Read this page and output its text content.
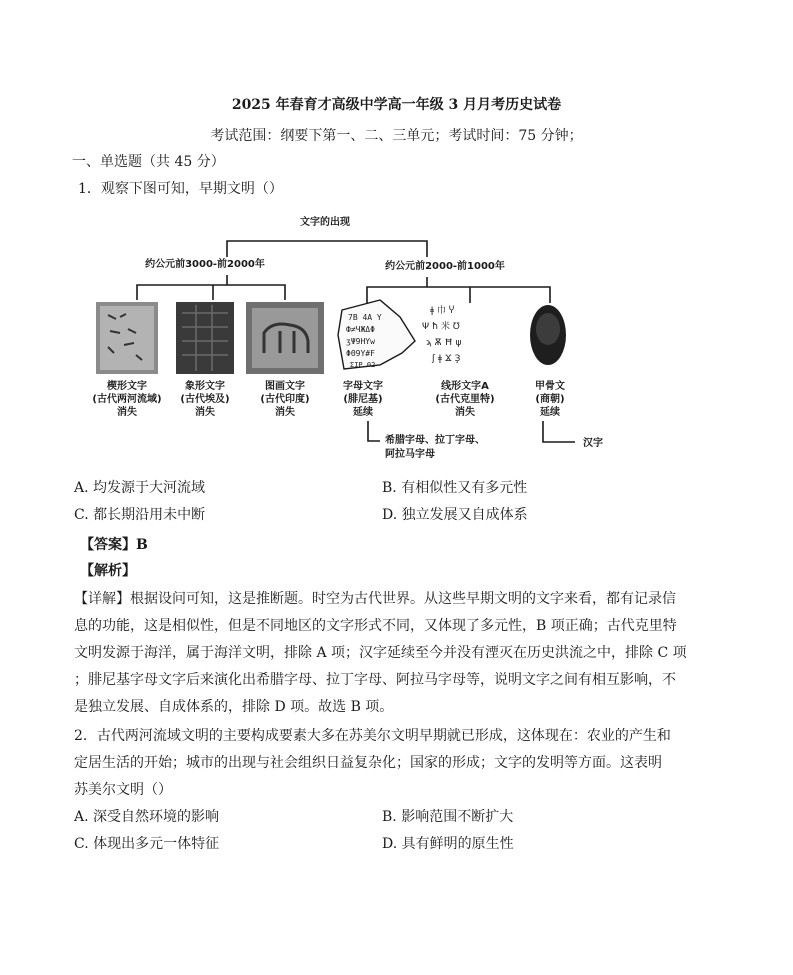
2025 年春育才高级中学高一年级 3 月月考历史试卷
考试范围：纲要下第一、二、三单元；考试时间：75 分钟；
一、单选题（共 45 分）
1．观察下图可知，早期文明（）
文字的出现
约公元前3000-前2000年	约公元前2000-前1000年
7B 4A Y
Ф≠ЧЖΔΦ
ʒΨ9HYw
ΦΘ9Y#F
ΣIP 02
ǂ 巾 Ⴤ
Ψ ħ 米 ℧
ϡ Ѫ Ħ ψ
ʃ ǂ Ϫ Ҙ
楔形文字
(古代两河流域)
消失
象形文字
(古代埃及)
消失
图画文字
(古代印度)
消失
字母文字
(腓尼基)
延续
线形文字A
(古代克里特)
消失
甲骨文
(商朝)
延续
希腊字母、拉丁字母、
阿拉马字母
汉字
A. 均发源于大河流域	B. 有相似性又有多元性
C. 都长期沿用未中断	D. 独立发展又自成体系
【答案】B
【解析】
【详解】根据设问可知，这是推断题。时空为古代世界。从这些早期文明的文字来看，都有记录信
息的功能，这是相似性，但是不同地区的文字形式不同，又体现了多元性，B 项正确；古代克里特
文明发源于海洋，属于海洋文明，排除 A 项；汉字延续至今并没有湮灭在历史洪流之中，排除 C 项
；腓尼基字母文字后来演化出希腊字母、拉丁字母、阿拉马字母等，说明文字之间有相互影响，不
是独立发展、自成体系的，排除 D 项。故选 B 项。
2．古代两河流域文明的主要构成要素大多在苏美尔文明早期就已形成，这体现在：农业的产生和
定居生活的开始；城市的出现与社会组织日益复杂化；国家的形成；文字的发明等方面。这表明
苏美尔文明（）
A. 深受自然环境的影响	B. 影响范围不断扩大
C. 体现出多元一体特征	D. 具有鲜明的原生性
